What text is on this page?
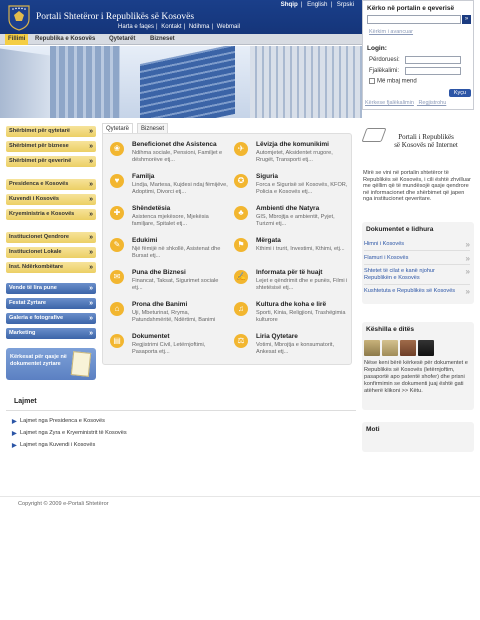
Portali Shtetëror i Republikës së Kosovës
Harta e faqes | Kontakt | Ndihma | Webmail
Shqip | English | Srpski
Fillimi	Republika e Kosovës	Qytetarët	Bizneset
Kërko në portalin e qeverisë
»
Kërkim i avancuar
Login:
Përdoruesi:
Fjalëkalimi:
Më mbaj mend
Kyçu
Kërkese fjalëkalimin Regjistrohu
Shërbimet për qytetarë	»
Shërbimet për biznese	»
Shërbimet për qeverinë	»
Presidenca e Kosovës	»
Kuvendi i Kosovës	»
Kryeministria e Kosovës »
Institucionet Qendrore	»
Institucionet Lokale	»
Inst. Ndërkombëtare	»
Vende të lira pune	»
Festat Zyrtare	»
Galeria e fotografive	»
Marketing	»
Kërkesat për qasje në dokumentet zyrtare
Qytetarë	Bizneset
❀	Beneficionet dhe Asistenca
Ndihma sociale, Pensioni, Familjet e dëshmorëve etj...
✈	Lëvizja dhe komunikimi
Automjetet, Aksidentet rrugore, Rrugët, Transporti etj...
♥	Familja
Lindja, Martesa, Kujdesi ndaj fëmijëve, Adoptimi, Divorci etj...
✪	Siguria
Forca e Sigurisë së Kosovës, KFOR, Policia e Kosovës etj...
✚	Shëndetësia
Asistenca mjekësore, Mjekësia familjare, Spitalet etj...
♣	Ambienti dhe Natyra
GIS, Mbrojtja e ambientit, Pyjet, Turizmi etj...
✎	Edukimi
Një fëmijë në shkollë, Asistenat dhe Bursat etj...
⚑	Mërgata
Kthimi i trurit, Investimi, Kthimi, etj...
✉	Puna dhe Biznesi
Financat, Taksat, Sigurimet sociale etj...
✍	Informata për të huajt
Lejet e qëndrimit dhe e punës, Filmi i shtetësisë etj...
⌂	Prona dhe Banimi
Uji, Mbeturinat, Rryma, Patundshmëritë, Ndërtimi, Banimi
♫	Kultura dhe koha e lirë
Sporti, Kinia, Religjioni, Trashëgimia kulturore
▤	Dokumentet
Regjistrimi Civil, Letërnjoftimi, Pasaporta etj...
⚖	Liria Qytetare
Votimi, Mbrojtja e konsumatorit, Ankesat etj...
Portali i Republikës
së Kosovës në Internet
Mirë se vini në portalin shtetëror të Republikës së Kosovës, i cili është zhvilluar me qëllim që të mundësojë qasje qendrore në informacionet dhe shërbimet që japen nga institucionet qeveritare.
Dokumentet e lidhura
Himni i Kosovës	»
Flamuri i Kosovës	»
Shtetet të cilat e kanë njohur Republikën e Kosovës
»
Kushtetuta e Republikës së Kosovës	»
Këshilla e ditës
Nëse keni bërë kërkesë për dokumentet e Republikës së Kosovës (letërnjoftim, pasaportë apo patentë shofer) dhe prisni konfirmimin se dokumenti juaj është gati atëherë klikoni >> Këtu.
Moti
Lajmet
▶ Lajmet nga Presidenca e Kosovës
▶ Lajmet nga Zyra e Kryeministrit të Kosovës
▶ Lajmet nga Kuvendi i Kosovës
Copyright © 2009 e-Portali Shtetëror
